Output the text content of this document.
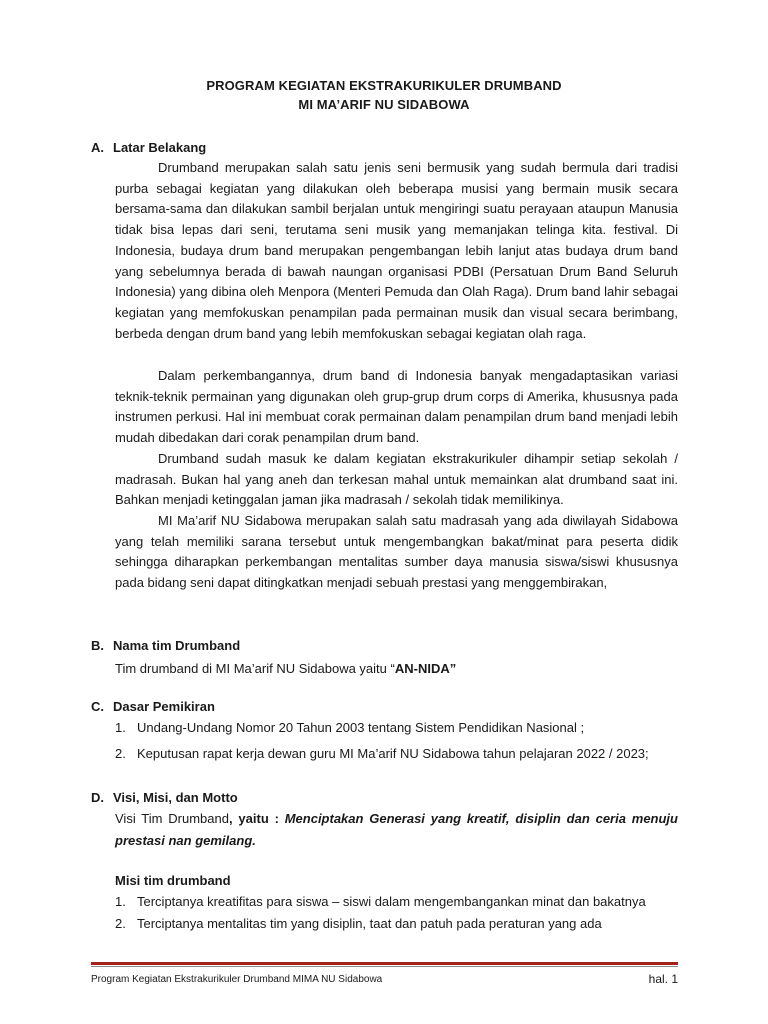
PROGRAM KEGIATAN EKSTRAKURIKULER DRUMBAND
MI MA’ARIF NU SIDABOWA
A. Latar Belakang

Drumband merupakan salah satu jenis seni bermusik yang sudah bermula dari tradisi purba sebagai kegiatan yang dilakukan oleh beberapa musisi yang bermain musik secara bersama-sama dan dilakukan sambil berjalan untuk mengiringi suatu perayaan ataupun Manusia tidak bisa lepas dari seni, terutama seni musik yang memanjakan telinga kita. festival. Di Indonesia, budaya drum band merupakan pengembangan lebih lanjut atas budaya drum band yang sebelumnya berada di bawah naungan organisasi PDBI (Persatuan Drum Band Seluruh Indonesia) yang dibina oleh Menpora (Menteri Pemuda dan Olah Raga). Drum band lahir sebagai kegiatan yang memfokuskan penampilan pada permainan musik dan visual secara berimbang, berbeda dengan drum band yang lebih memfokuskan sebagai kegiatan olah raga.

Dalam perkembangannya, drum band di Indonesia banyak mengadaptasikan variasi teknik-teknik permainan yang digunakan oleh grup-grup drum corps di Amerika, khususnya pada instrumen perkusi. Hal ini membuat corak permainan dalam penampilan drum band menjadi lebih mudah dibedakan dari corak penampilan drum band.

Drumband sudah masuk ke dalam kegiatan ekstrakurikuler dihampir setiap sekolah / madrasah. Bukan hal yang aneh dan terkesan mahal untuk memainkan alat drumband saat ini. Bahkan menjadi ketinggalan jaman jika madrasah / sekolah tidak memilikinya.

MI Ma’arif NU Sidabowa merupakan salah satu madrasah yang ada diwilayah Sidabowa yang telah memiliki sarana tersebut untuk mengembangkan bakat/minat para peserta didik sehingga diharapkan perkembangan mentalitas sumber daya manusia siswa/siswi khususnya pada bidang seni dapat ditingkatkan menjadi sebuah prestasi yang menggembirakan,

B. Nama tim Drumband
Tim drumband di MI Ma’arif NU Sidabowa yaitu “AN-NIDA”
C. Dasar Pemikiran
1. Undang-Undang Nomor 20 Tahun 2003 tentang Sistem Pendidikan Nasional ;
2. Keputusan rapat kerja dewan guru MI Ma’arif NU Sidabowa tahun pelajaran 2022 / 2023;
D. Visi, Misi, dan Motto

Visi Tim Drumband, yaitu : Menciptakan Generasi yang kreatif, disiplin dan ceria menuju prestasi nan gemilang.

Misi tim drumband
1. Terciptanya kreatifitas para siswa – siswi dalam mengembangankan minat dan bakatnya
2. Terciptanya mentalitas tim yang disiplin, taat dan patuh pada peraturan yang ada
Program Kegiatan Ekstrakurikuler Drumband MIMA NU Sidabowa	hal. 1
